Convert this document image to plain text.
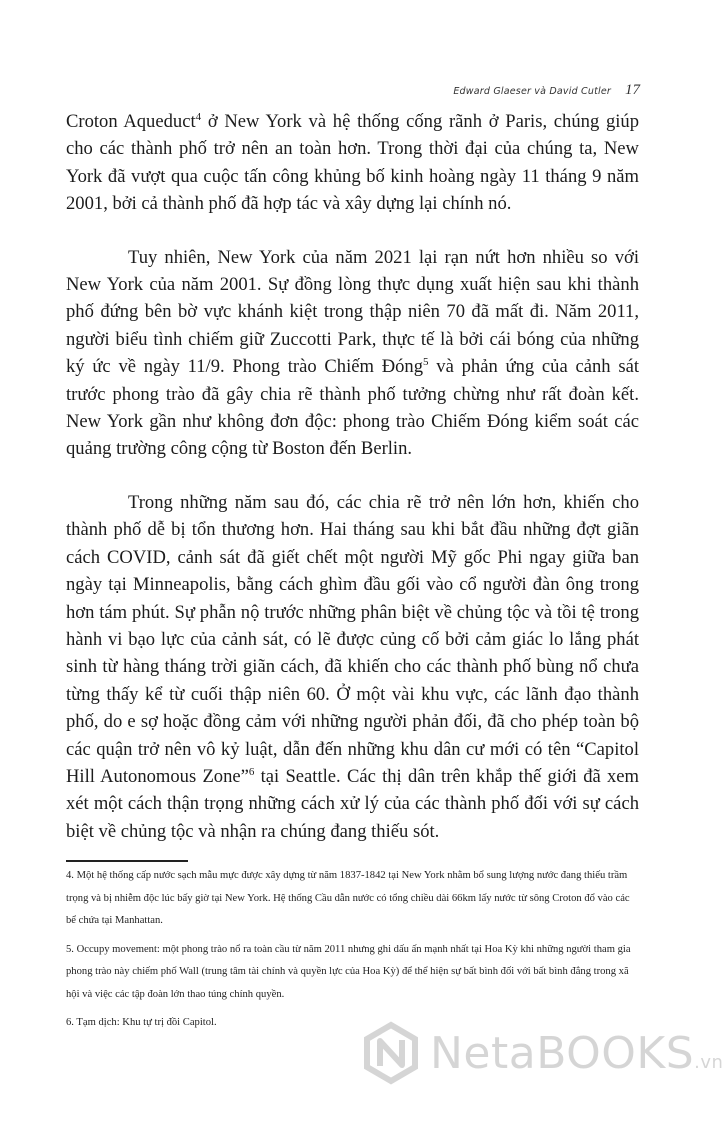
Edward Glaeser và David Cutler 17

Croton Aqueduct$^4$ ở New York và hệ thống cống rãnh ở Paris, chúng giúp cho các thành phố trở nên an toàn hơn. Trong thời đại của chúng ta, New York đã vượt qua cuộc tấn công khủng bố kinh hoàng ngày 11 tháng 9 năm 2001, bởi cả thành phố đã hợp tác và xây dựng lại chính nó.

Tuy nhiên, New York của năm 2021 lại rạn nứt hơn nhiều so với New York của năm 2001. Sự đồng lòng thực dụng xuất hiện sau khi thành phố đứng bên bờ vực khánh kiệt trong thập niên 70 đã mất đi. Năm 2011, người biểu tình chiếm giữ Zuccotti Park, thực tế là bởi cái bóng của những ký ức về ngày 11/9. Phong trào Chiếm Đóng$^5$ và phản ứng của cảnh sát trước phong trào đã gây chia rẽ thành phố tưởng chừng như rất đoàn kết. New York gần như không đơn độc: phong trào Chiếm Đóng kiểm soát các quảng trường công cộng từ Boston đến Berlin.

Trong những năm sau đó, các chia rẽ trở nên lớn hơn, khiến cho thành phố dễ bị tổn thương hơn. Hai tháng sau khi bắt đầu những đợt giãn cách COVID, cảnh sát đã giết chết một người Mỹ gốc Phi ngay giữa ban ngày tại Minneapolis, bằng cách ghìm đầu gối vào cổ người đàn ông trong hơn tám phút. Sự phẫn nộ trước những phân biệt về chủng tộc và tồi tệ trong hành vi bạo lực của cảnh sát, có lẽ được củng cố bởi cảm giác lo lắng phát sinh từ hàng tháng trời giãn cách, đã khiến cho các thành phố bùng nổ chưa từng thấy kể từ cuối thập niên 60. Ở một vài khu vực, các lãnh đạo thành phố, do e sợ hoặc đồng cảm với những người phản đối, đã cho phép toàn bộ các quận trở nên vô kỷ luật, dẫn đến những khu dân cư mới có tên “Capitol Hill Autonomous Zone”$^6$ tại Seattle. Các thị dân trên khắp thế giới đã xem xét một cách thận trọng những cách xử lý của các thành phố đối với sự cách biệt về chủng tộc và nhận ra chúng đang thiếu sót.

4. Một hệ thống cấp nước sạch mẫu mực được xây dựng từ năm 1837-1842 tại New York nhằm bổ sung lượng nước đang thiếu trầm trọng và bị nhiễm độc lúc bấy giờ tại New York. Hệ thống Cầu dẫn nước có tổng chiều dài 66km lấy nước từ sông Croton đổ vào các bể chứa tại Manhattan.

5. Occupy movement: một phong trào nổ ra toàn cầu từ năm 2011 nhưng ghi dấu ấn mạnh nhất tại Hoa Kỳ khi những người tham gia phong trào này chiếm phố Wall (trung tâm tài chính và quyền lực của Hoa Kỳ) để thể hiện sự bất bình đối với bất bình đẳng trong xã hội và việc các tập đoàn lớn thao túng chính quyền.

6. Tạm dịch: Khu tự trị đồi Capitol.

NetaBOOKS.vn
